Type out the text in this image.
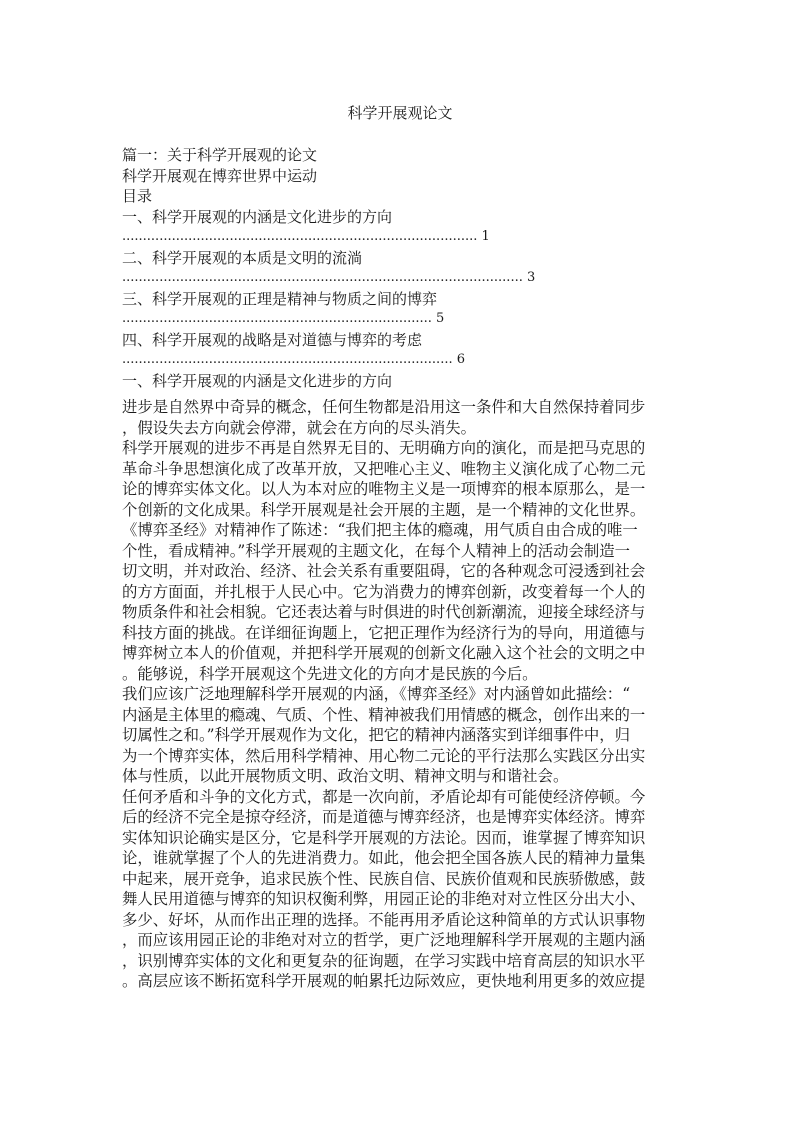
科学开展观论文
篇一：关于科学开展观的论文
科学开展观在博弈世界中运动
目录
一、科学开展观的内涵是文化进步的方向
...................................................................................... 1
二、科学开展观的本质是文明的流淌
................................................................................................. 3
三、科学开展观的正理是精神与物质之间的博弈
........................................................................... 5
四、科学开展观的战略是对道德与博弈的考虑
................................................................................ 6
一、科学开展观的内涵是文化进步的方向
进步是自然界中奇异的概念，任何生物都是沿用这一条件和大自然保持着同步
，假设失去方向就会停滞，就会在方向的尽头消失。
科学开展观的进步不再是自然界无目的、无明确方向的演化，而是把马克思的
革命斗争思想演化成了改革开放，又把唯心主义、唯物主义演化成了心物二元
论的博弈实体文化。以人为本对应的唯物主义是一项博弈的根本原那么，是一
个创新的文化成果。科学开展观是社会开展的主题，是一个精神的文化世界。
《博弈圣经》对精神作了陈述：“我们把主体的瘾魂，用气质自由合成的唯一
个性，看成精神。”科学开展观的主题文化，在每个人精神上的活动会制造一
切文明，并对政治、经济、社会关系有重要阻碍，它的各种观念可浸透到社会
的方方面面，并扎根于人民心中。它为消费力的博弈创新，改变着每一个人的
物质条件和社会相貌。它还表达着与时俱进的时代创新潮流，迎接全球经济与
科技方面的挑战。在详细征询题上，它把正理作为经济行为的导向，用道德与
博弈树立本人的价值观，并把科学开展观的创新文化融入这个社会的文明之中
。能够说，科学开展观这个先进文化的方向才是民族的今后。
我们应该广泛地理解科学开展观的内涵，《博弈圣经》对内涵曾如此描绘：“
内涵是主体里的瘾魂、气质、个性、精神被我们用情感的概念，创作出来的一
切属性之和。”科学开展观作为文化，把它的精神内涵落实到详细事件中，归
为一个博弈实体，然后用科学精神、用心物二元论的平行法那么实践区分出实
体与性质，以此开展物质文明、政治文明、精神文明与和谐社会。
任何矛盾和斗争的文化方式，都是一次向前，矛盾论却有可能使经济停顿。今
后的经济不完全是掠夺经济，而是道德与博弈经济，也是博弈实体经济。博弈
实体知识论确实是区分，它是科学开展观的方法论。因而，谁掌握了博弈知识
论，谁就掌握了个人的先进消费力。如此，他会把全国各族人民的精神力量集
中起来，展开竞争，追求民族个性、民族自信、民族价值观和民族骄傲感，鼓
舞人民用道德与博弈的知识权衡利弊，用园正论的非绝对对立性区分出大小、
多少、好坏，从而作出正理的选择。不能再用矛盾论这种简单的方式认识事物
，而应该用园正论的非绝对对立的哲学，更广泛地理解科学开展观的主题内涵
，识别博弈实体的文化和更复杂的征询题，在学习实践中培育高层的知识水平
。高层应该不断拓宽科学开展观的帕累托边际效应，更快地利用更多的效应提
